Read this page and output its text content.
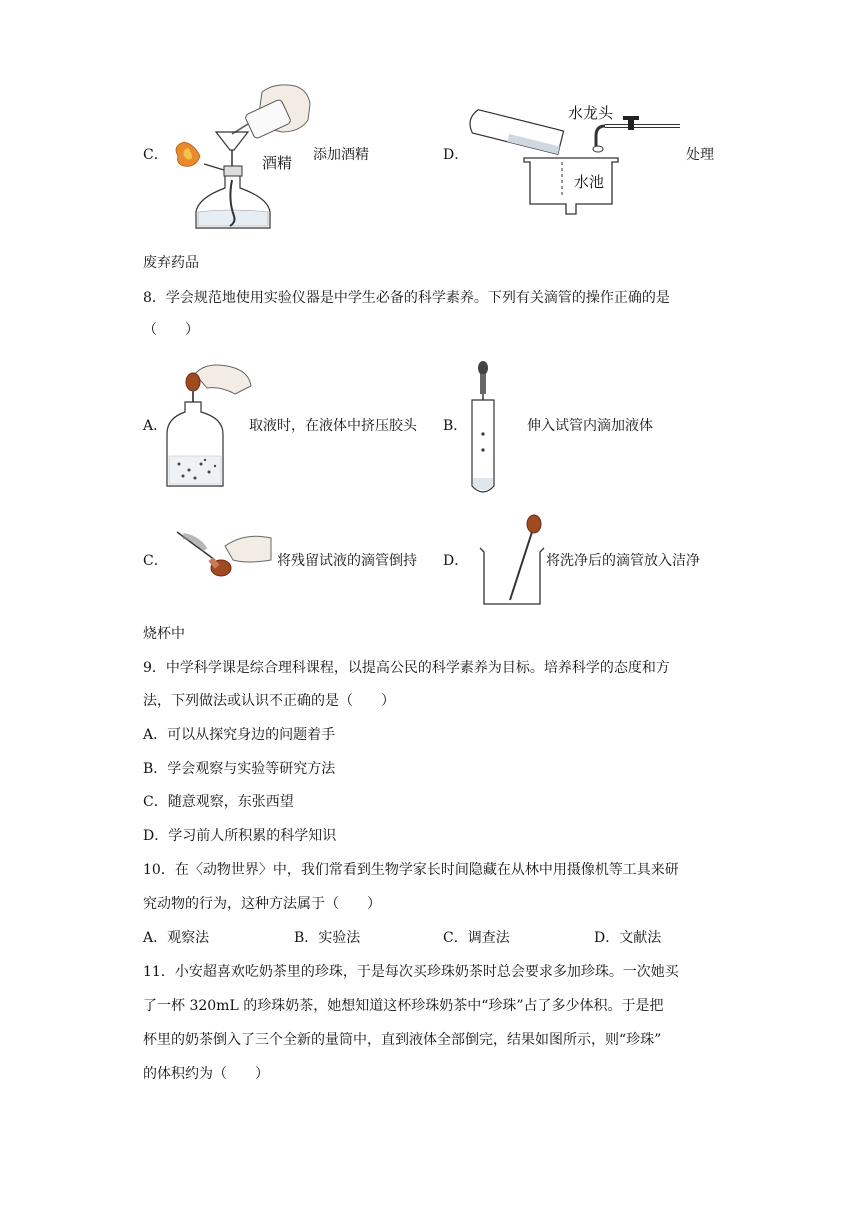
C．	酒精 添加酒精	D．
水龙头
水池
处理
废弃药品
8．学会规范地使用实验仪器是中学生必备的科学素养。下列有关滴管的操作正确的是
（　　）
A．	取液时，在液体中挤压胶头 B．	伸入试管内滴加液体
C．	将残留试液的滴管倒持 D．	将洗净后的滴管放入洁净
烧杯中
9．中学科学课是综合理科课程，以提高公民的科学素养为目标。培养科学的态度和方
法，下列做法或认识不正确的是（　　）
A．可以从探究身边的问题着手
B．学会观察与实验等研究方法
C．随意观察，东张西望
D．学习前人所积累的科学知识
10．在〈动物世界〉中，我们常看到生物学家长时间隐藏在从林中用摄像机等工具来研
究动物的行为，这种方法属于（　　）
A．观察法	B．实验法	C．调查法	D．文献法
11．小安超喜欢吃奶茶里的珍珠，于是每次买珍珠奶茶时总会要求多加珍珠。一次她买
了一杯 320mL 的珍珠奶茶，她想知道这杯珍珠奶茶中“珍珠”占了多少体积。于是把
杯里的奶茶倒入了三个全新的量筒中，直到液体全部倒完，结果如图所示，则“珍珠”
的体积约为（　　）
